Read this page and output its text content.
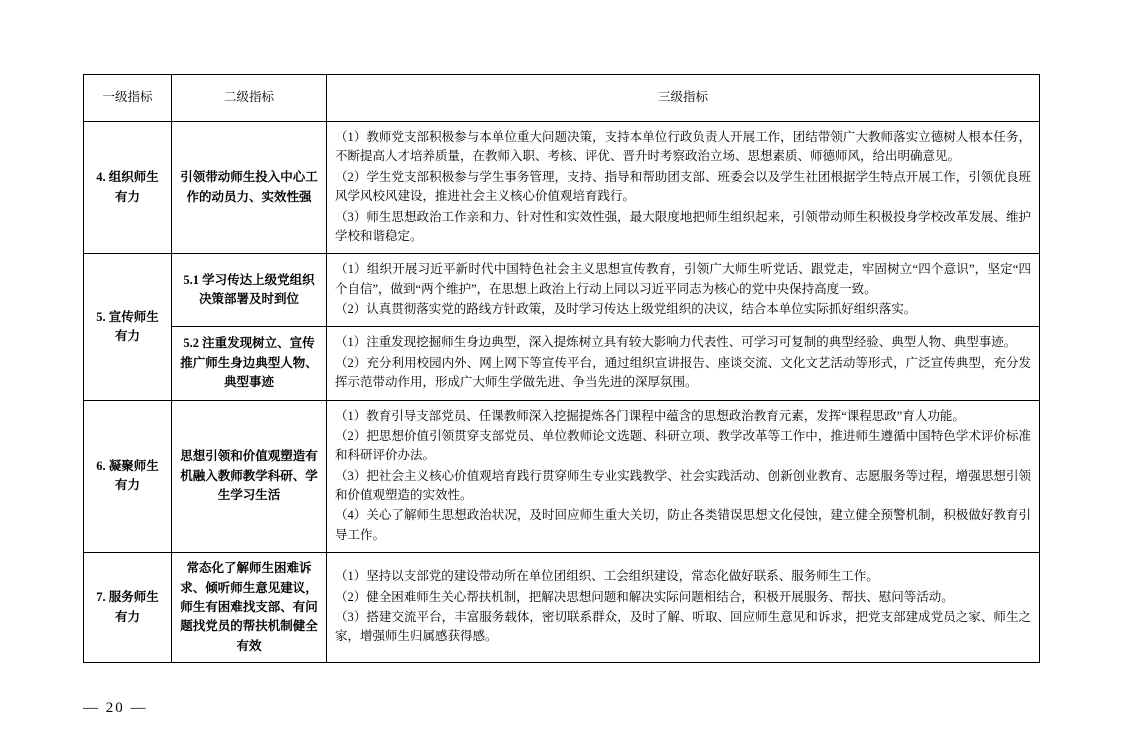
一级指标	二级指标	三级指标
4. 组织师生有力	引领带动师生投入中心工作的动员力、实效性强	（1）教师党支部积极参与本单位重大问题决策，支持本单位行政负责人开展工作，团结带领广大教师落实立德树人根本任务，不断提高人才培养质量，在教师入职、考核、评优、晋升时考察政治立场、思想素质、师德师风，给出明确意见。

（2）学生党支部积极参与学生事务管理，支持、指导和帮助团支部、班委会以及学生社团根据学生特点开展工作，引领优良班风学风校风建设，推进社会主义核心价值观培育践行。

（3）师生思想政治工作亲和力、针对性和实效性强，最大限度地把师生组织起来，引领带动师生积极投身学校改革发展、维护学校和谐稳定。

5. 宣传师生有力	5.1 学习传达上级党组织决策部署及时到位	（1）组织开展习近平新时代中国特色社会主义思想宣传教育，引领广大师生听党话、跟党走，牢固树立“四个意识”，坚定“四个自信”，做到“两个维护”，在思想上政治上行动上同以习近平同志为核心的党中央保持高度一致。

（2）认真贯彻落实党的路线方针政策，及时学习传达上级党组织的决议，结合本单位实际抓好组织落实。

	5.2 注重发现树立、宣传推广师生身边典型人物、典型事迹	（1）注重发现挖掘师生身边典型，深入提炼树立具有较大影响力代表性、可学习可复制的典型经验、典型人物、典型事迹。

（2）充分利用校园内外、网上网下等宣传平台，通过组织宣讲报告、座谈交流、文化文艺活动等形式，广泛宣传典型，充分发挥示范带动作用，形成广大师生学做先进、争当先进的深厚氛围。

6. 凝聚师生有力	思想引领和价值观塑造有机融入教师教学科研、学生学习生活	（1）教育引导支部党员、任课教师深入挖掘提炼各门课程中蕴含的思想政治教育元素，发挥“课程思政”育人功能。

（2）把思想价值引领贯穿支部党员、单位教师论文选题、科研立项、教学改革等工作中，推进师生遵循中国特色学术评价标准和科研评价办法。

（3）把社会主义核心价值观培育践行贯穿师生专业实践教学、社会实践活动、创新创业教育、志愿服务等过程，增强思想引领和价值观塑造的实效性。

（4）关心了解师生思想政治状况，及时回应师生重大关切，防止各类错误思想文化侵蚀，建立健全预警机制，积极做好教育引导工作。

7. 服务师生有力	常态化了解师生困难诉求、倾听师生意见建议，师生有困难找支部、有问题找党员的帮扶机制健全有效	（1）坚持以支部党的建设带动所在单位团组织、工会组织建设，常态化做好联系、服务师生工作。

（2）健全困难师生关心帮扶机制，把解决思想问题和解决实际问题相结合，积极开展服务、帮扶、慰问等活动。

（3）搭建交流平台，丰富服务载体，密切联系群众，及时了解、听取、回应师生意见和诉求，把党支部建成党员之家、师生之家，增强师生归属感获得感。

— 20 —
